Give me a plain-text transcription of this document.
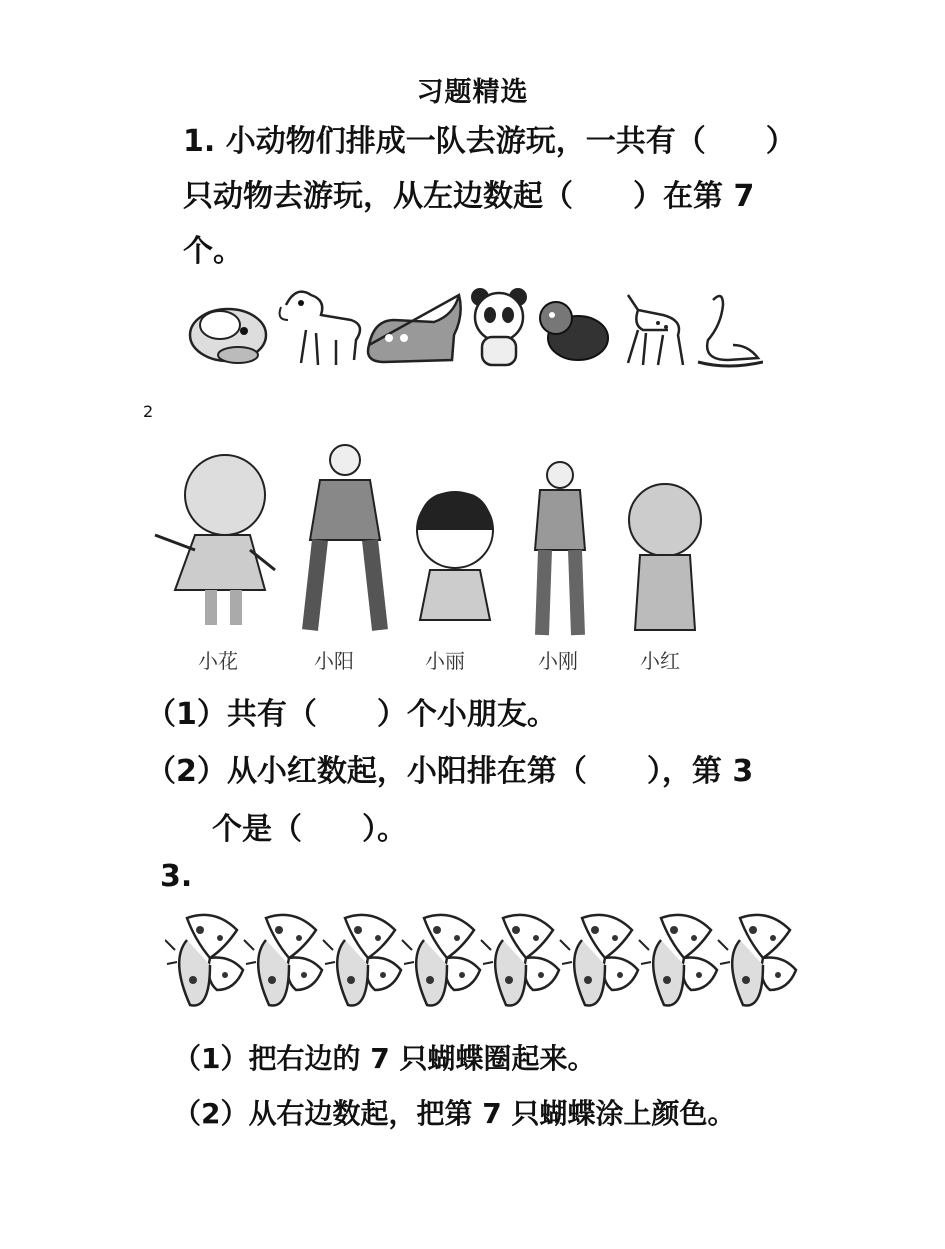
习题精选
1. 小动物们排成一队去游玩，一共有（　　）
只动物去游玩，从左边数起（　　）在第 7
个。
2
小花	小阳	小丽	小刚	小红
（1）共有（　　）个小朋友。
（2）从小红数起，小阳排在第（　　），第 3
个是（　　）。
3.
（1）把右边的 7 只蝴蝶圈起来。
（2）从右边数起，把第 7 只蝴蝶涂上颜色。
